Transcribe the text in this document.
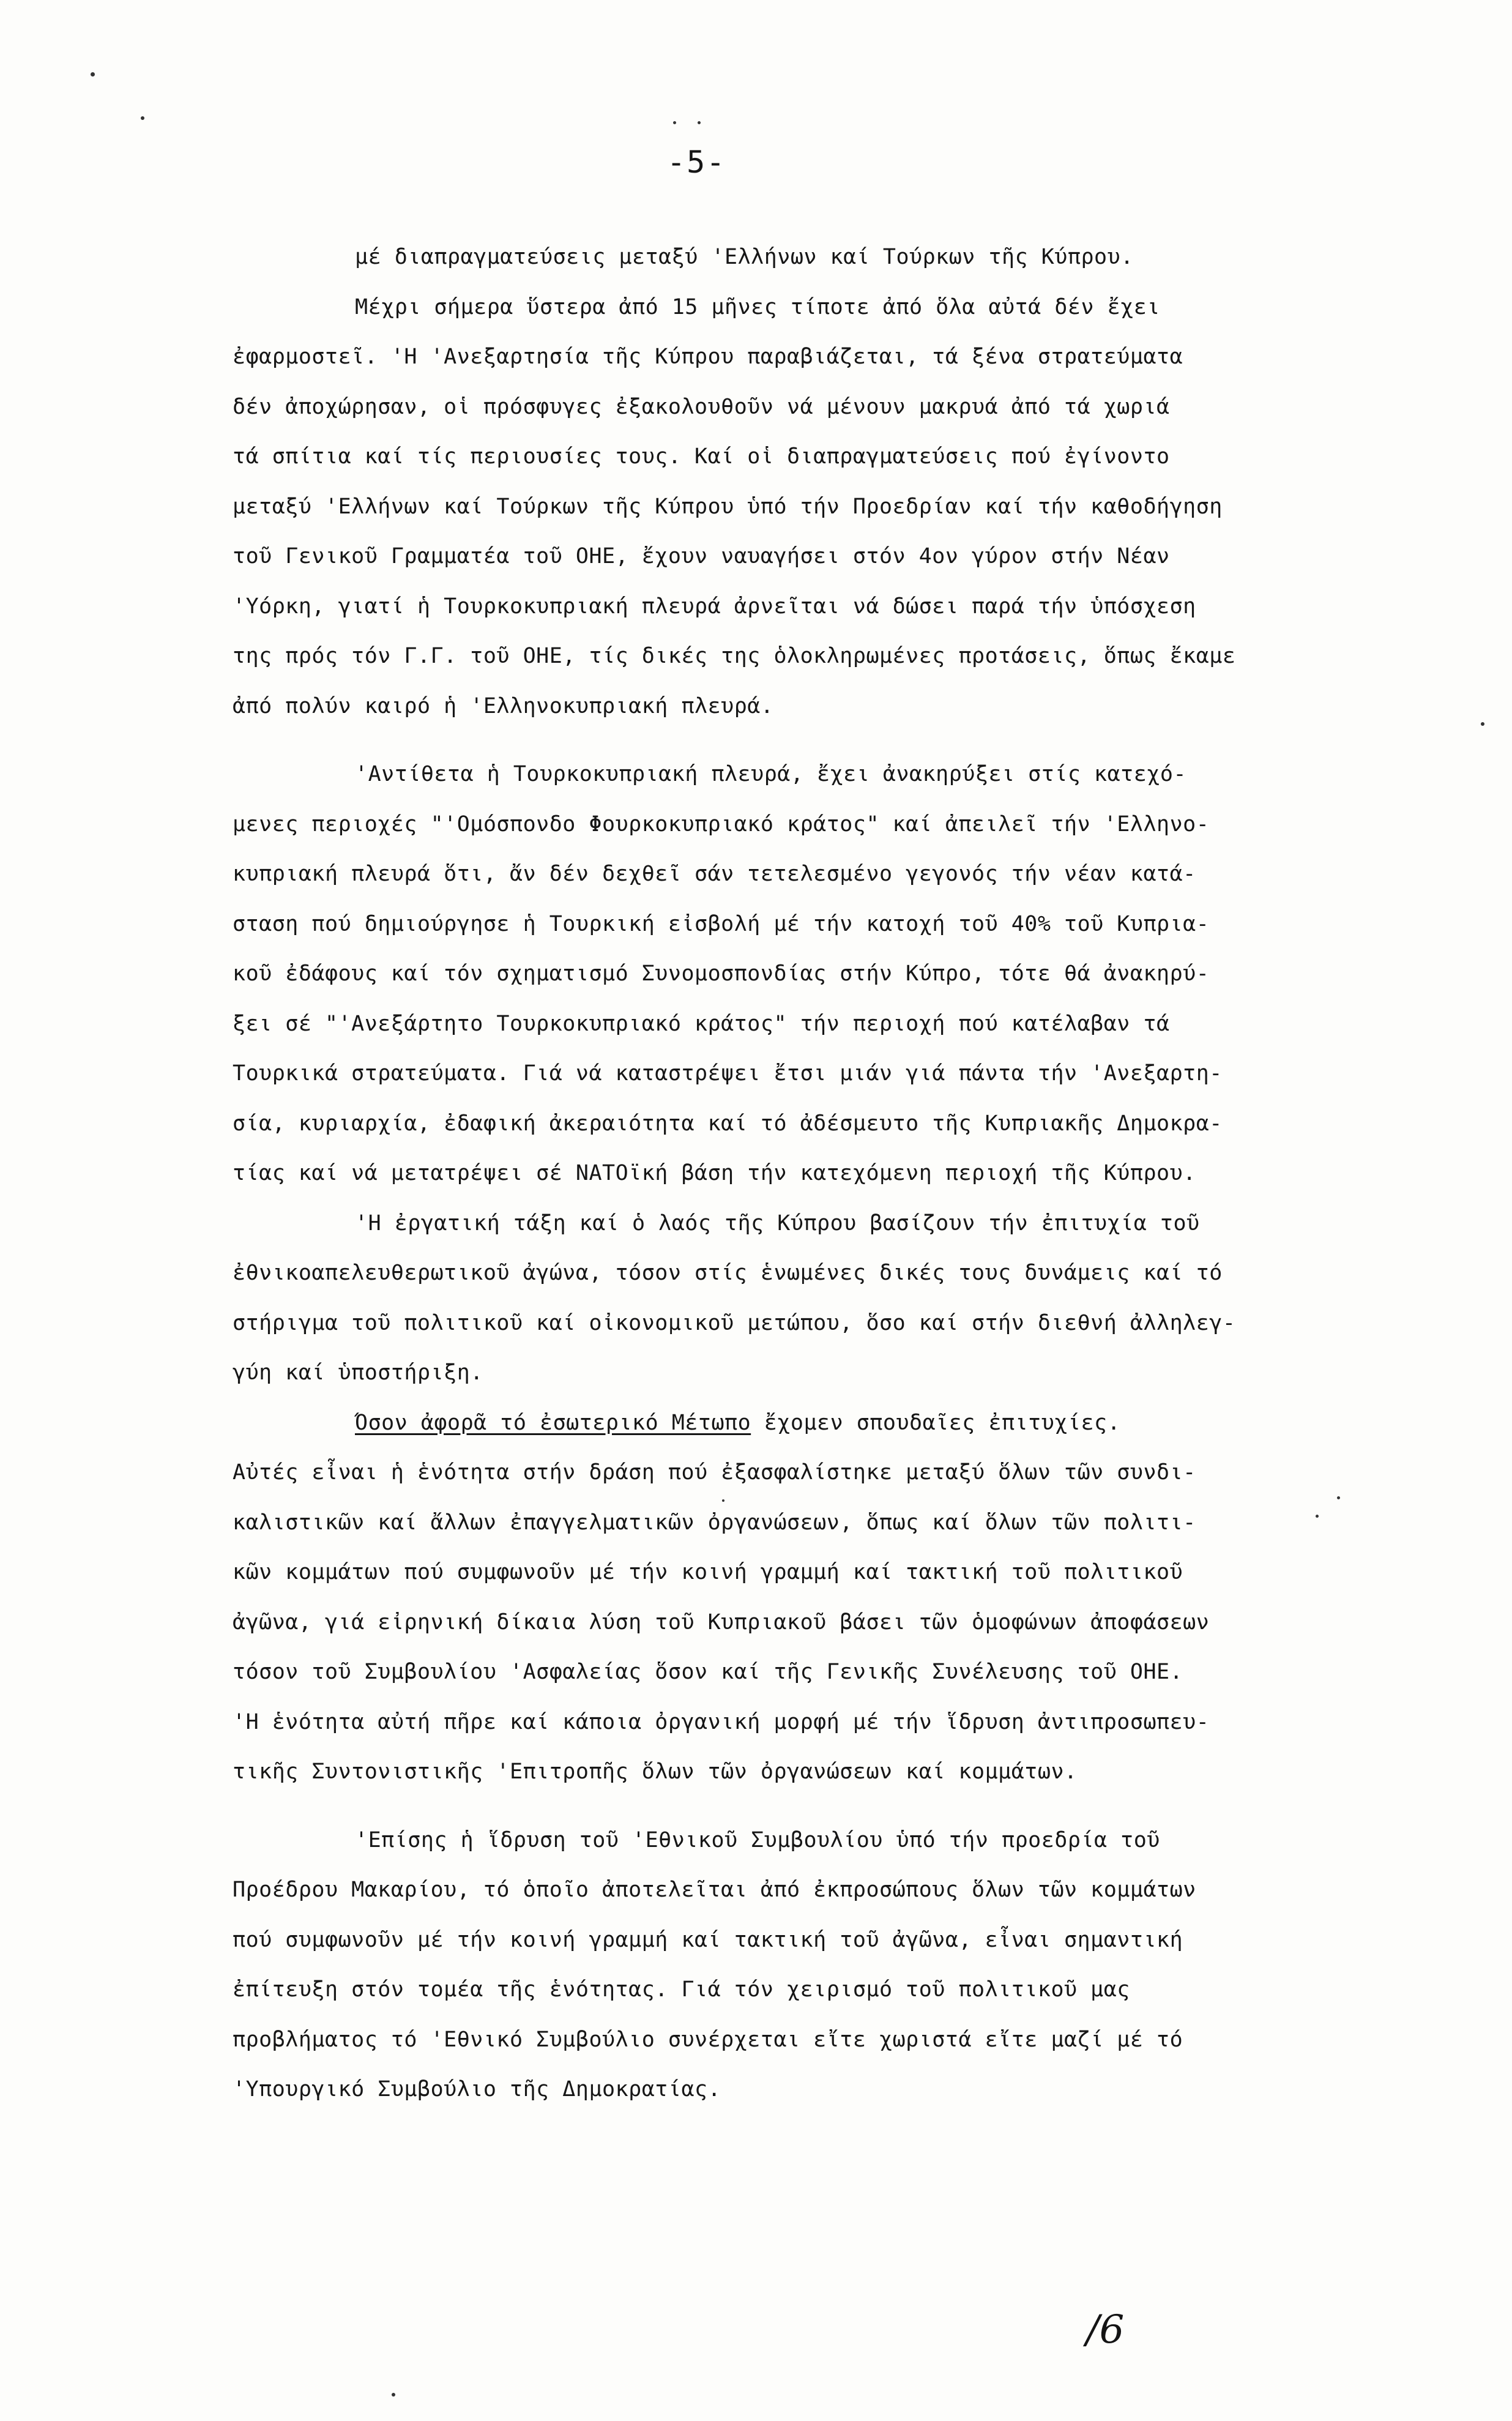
-5-
μέ διαπραγματεύσεις μεταξύ 'Ελλήνων καί Τούρκων τῆς Κύπρου.
Μέχρι σήμερα ὕστερα ἀπό 15 μῆνες τίποτε ἀπό ὅλα αὐτά δέν ἔχει
ἐφαρμοστεῖ. 'Η 'Ανεξαρτησία τῆς Κύπρου παραβιάζεται, τά ξένα στρατεύματα
δέν ἀποχώρησαν, οἱ πρόσφυγες ἐξακολουθοῦν νά μένουν μακρυά ἀπό τά χωριά
τά σπίτια καί τίς περιουσίες τους. Καί οἱ διαπραγματεύσεις πού ἐγίνοντο
μεταξύ 'Ελλήνων καί Τούρκων τῆς Κύπρου ὑπό τήν Προεδρίαν καί τήν καθοδήγηση
τοῦ Γενικοῦ Γραμματέα τοῦ ΟΗΕ, ἔχουν ναυαγήσει στόν 4ον γύρον στήν Νέαν
'Υόρκη, γιατί ἡ Τουρκοκυπριακή πλευρά ἀρνεῖται νά δώσει παρά τήν ὑπόσχεση
της πρός τόν Γ.Γ. τοῦ ΟΗΕ, τίς δικές της ὁλοκληρωμένες προτάσεις, ὅπως ἔκαμε
ἀπό πολύν καιρό ἡ 'Ελληνοκυπριακή πλευρά.
'Αντίθετα ἡ Τουρκοκυπριακή πλευρά, ἔχει ἀνακηρύξει στίς κατεχό-
μενες περιοχές "'Ομόσπονδο Φουρκοκυπριακό κράτος" καί ἀπειλεῖ τήν 'Ελληνο-
κυπριακή πλευρά ὅτι, ἄν δέν δεχθεῖ σάν τετελεσμένο γεγονός τήν νέαν κατά-
σταση πού δημιούργησε ἡ Τουρκική εἰσβολή μέ τήν κατοχή τοῦ 40% τοῦ Κυπρια-
κοῦ ἐδάφους καί τόν σχηματισμό Συνομοσπονδίας στήν Κύπρο, τότε θά ἀνακηρύ-
ξει σέ "'Ανεξάρτητο Τουρκοκυπριακό κράτος" τήν περιοχή πού κατέλαβαν τά
Τουρκικά στρατεύματα. Γιά νά καταστρέψει ἔτσι μιάν γιά πάντα τήν 'Ανεξαρτη-
σία, κυριαρχία, ἐδαφική ἀκεραιότητα καί τό ἀδέσμευτο τῆς Κυπριακῆς Δημοκρα-
τίας καί νά μετατρέψει σέ ΝΑΤΟϊκή βάση τήν κατεχόμενη περιοχή τῆς Κύπρου.
'Η ἐργατική τάξη καί ὁ λαός τῆς Κύπρου βασίζουν τήν ἐπιτυχία τοῦ
ἐθνικοαπελευθερωτικοῦ ἀγώνα, τόσον στίς ἑνωμένες δικές τους δυνάμεις καί τό
στήριγμα τοῦ πολιτικοῦ καί οἰκονομικοῦ μετώπου, ὅσο καί στήν διεθνή ἀλληλεγ-
γύη καί ὑποστήριξη.
Όσον ἀφορᾶ τό ἐσωτερικό Μέτωπο ἔχομεν σπουδαῖες ἐπιτυχίες.
Αὐτές εἶναι ἡ ἑνότητα στήν δράση πού ἐξασφαλίστηκε μεταξύ ὅλων τῶν συνδι-
καλιστικῶν καί ἄλλων ἐπαγγελματικῶν ὀργανώσεων, ὅπως καί ὅλων τῶν πολιτι-
κῶν κομμάτων πού συμφωνοῦν μέ τήν κοινή γραμμή καί τακτική τοῦ πολιτικοῦ
ἀγῶνα, γιά εἰρηνική δίκαια λύση τοῦ Κυπριακοῦ βάσει τῶν ὁμοφώνων ἀποφάσεων
τόσον τοῦ Συμβουλίου 'Ασφαλείας ὅσον καί τῆς Γενικῆς Συνέλευσης τοῦ ΟΗΕ.
'Η ἑνότητα αὐτή πῆρε καί κάποια ὀργανική μορφή μέ τήν ἵδρυση ἀντιπροσωπευ-
τικῆς Συντονιστικῆς 'Επιτροπῆς ὅλων τῶν ὀργανώσεων καί κομμάτων.
'Επίσης ἡ ἵδρυση τοῦ 'Εθνικοῦ Συμβουλίου ὑπό τήν προεδρία τοῦ
Προέδρου Μακαρίου, τό ὁποῖο ἀποτελεῖται ἀπό ἐκπροσώπους ὅλων τῶν κομμάτων
πού συμφωνοῦν μέ τήν κοινή γραμμή καί τακτική τοῦ ἀγῶνα, εἶναι σημαντική
ἐπίτευξη στόν τομέα τῆς ἑνότητας. Γιά τόν χειρισμό τοῦ πολιτικοῦ μας
προβλήματος τό 'Εθνικό Συμβούλιο συνέρχεται εἴτε χωριστά εἴτε μαζί μέ τό
'Υπουργικό Συμβούλιο τῆς Δημοκρατίας.
/6
